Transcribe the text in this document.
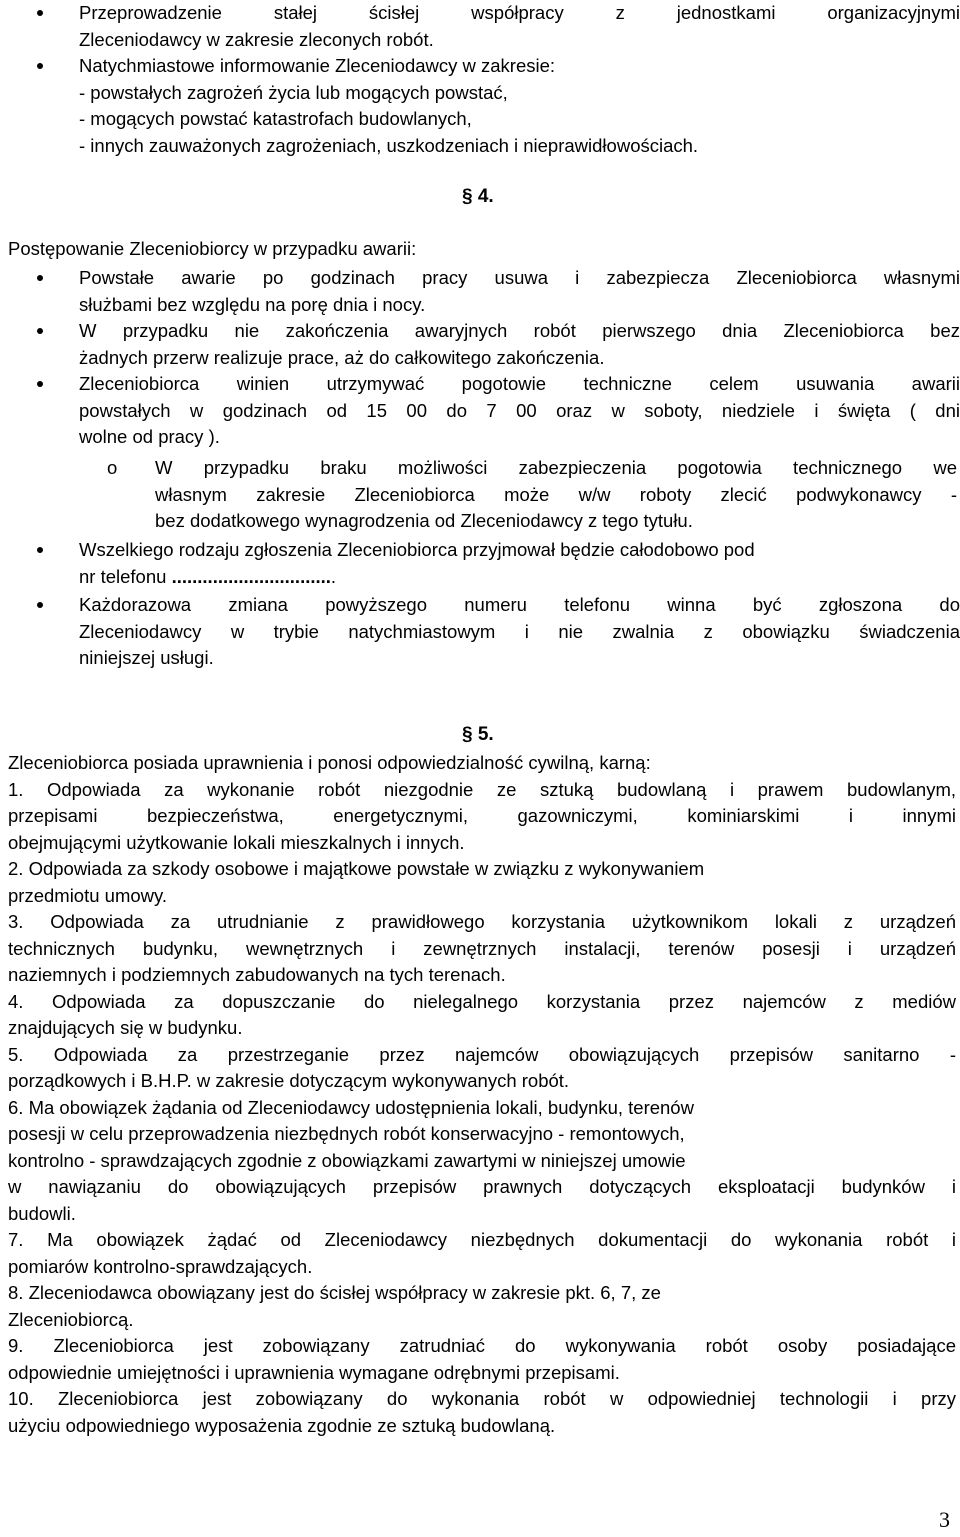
Przeprowadzenie stałej ścisłej współpracy z jednostkami organizacyjnymi
Zleceniodawcy w zakresie zleconych robót.
Natychmiastowe informowanie Zleceniodawcy w zakresie:
- powstałych zagrożeń życia lub mogących powstać,
- mogących powstać katastrofach budowlanych,
- innych zauważonych zagrożeniach, uszkodzeniach i nieprawidłowościach.
§ 4.
Postępowanie Zleceniobiorcy w przypadku awarii:
Powstałe awarie po godzinach pracy usuwa i zabezpiecza Zleceniobiorca własnymi
służbami bez względu na porę dnia i nocy.
W przypadku nie zakończenia awaryjnych robót pierwszego dnia Zleceniobiorca bez
żadnych przerw realizuje prace, aż do całkowitego zakończenia.
Zleceniobiorca winien utrzymywać pogotowie techniczne celem usuwania awarii
powstałych w godzinach od 15 00 do 7 00 oraz w soboty, niedziele i święta ( dni
wolne od pracy ).
o W przypadku braku możliwości zabezpieczenia pogotowia technicznego we
własnym zakresie Zleceniobiorca może w/w roboty zlecić podwykonawcy -
bez dodatkowego wynagrodzenia od Zleceniodawcy z tego tytułu.
Wszelkiego rodzaju zgłoszenia Zleceniobiorca przyjmował będzie całodobowo pod
nr telefonu ................................
Każdorazowa zmiana powyższego numeru telefonu winna być zgłoszona do
Zleceniodawcy w trybie natychmiastowym i nie zwalnia z obowiązku świadczenia
niniejszej usługi.
§ 5.
Zleceniobiorca posiada uprawnienia i ponosi odpowiedzialność cywilną, karną:
1. Odpowiada za wykonanie robót niezgodnie ze sztuką budowlaną i prawem budowlanym,
przepisami bezpieczeństwa, energetycznymi, gazowniczymi, kominiarskimi i innymi
obejmującymi użytkowanie lokali mieszkalnych i innych.
2. Odpowiada za szkody osobowe i majątkowe powstałe w związku z wykonywaniem
przedmiotu umowy.
3. Odpowiada za utrudnianie z prawidłowego korzystania użytkownikom lokali z urządzeń
technicznych budynku, wewnętrznych i zewnętrznych instalacji, terenów posesji i urządzeń
naziemnych i podziemnych zabudowanych na tych terenach.
4. Odpowiada za dopuszczanie do nielegalnego korzystania przez najemców z mediów
znajdujących się w budynku.
5. Odpowiada za przestrzeganie przez najemców obowiązujących przepisów sanitarno -
porządkowych i B.H.P. w zakresie dotyczącym wykonywanych robót.
6. Ma obowiązek żądania od Zleceniodawcy udostępnienia lokali, budynku, terenów
posesji w celu przeprowadzenia niezbędnych robót konserwacyjno - remontowych,
kontrolno - sprawdzających zgodnie z obowiązkami zawartymi w niniejszej umowie
w nawiązaniu do obowiązujących przepisów prawnych dotyczących eksploatacji budynków i
budowli.
7. Ma obowiązek żądać od Zleceniodawcy niezbędnych dokumentacji do wykonania robót i
pomiarów kontrolno-sprawdzających.
8. Zleceniodawca obowiązany jest do ścisłej współpracy w zakresie pkt. 6, 7, ze
Zleceniobiorcą.
9. Zleceniobiorca jest zobowiązany zatrudniać do wykonywania robót osoby posiadające
odpowiednie umiejętności i uprawnienia wymagane odrębnymi przepisami.
10. Zleceniobiorca jest zobowiązany do wykonania robót w odpowiedniej technologii i przy
użyciu odpowiedniego wyposażenia zgodnie ze sztuką budowlaną.
3
